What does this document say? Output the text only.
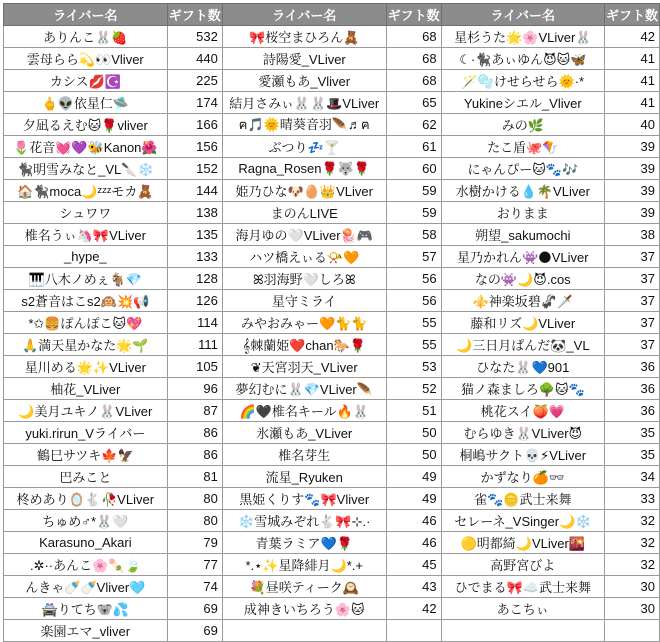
ライバー名	ギフト数	ライバー名	ギフト数	ライバー名	ギフト数
ありんこ🐰🍓	532	🎀桜空まひろん🧸	68	星杉うた🌟🌸VLiver🐰	42
雲母らら💫👀Vliver	440	詩陽愛_VLiver	68	☾·🐈‍⬛あぃゆん😈🐱🦋	41
カシス💋☪️	225	愛瀬もあ_Vliver	68	🪄🫧けせらせら🌞·*	41
🖕👽依星仁🛸	174	結月さみぃ🐰🐰🎩VLiver	65	Yukineシエル_Vliver	41
夕凪るえむ🐱🌹vliver	166	ฅ🎵🌞晴葵音羽🪶♬ฅ	62	みの🌿	40
🌷花音💓💜🐝Kanon🌺	156	ぶつり💤🍸	61	たこ盾🐙🪁	39
🐈‍⬛明雪みなと_VL🔪❄️	152	Ragna_Rosen🌹🐺🌹	60	にゃんぴー🐱🐾🎶	39
🏠🐈‍⬛moca🌙ᶻᶻᶻモカ🧸	144	姫乃ひな🐶🥚👑VLiver	59	水樹かける💧🌴VLiver	39
シュワワ	138	まのんLIVE	59	おりまま	39
椎名うぃ🦄🎀VLiver	135	海月ゆの🤍VLiver🪼🎮	58	朔望_sakumochi	38
_hype_	133	ハツ橋えぃる📯🧡	57	星乃かれん👾🌑VLiver	37
🎹八木ノめぇ🐐💎	128	ꕤ羽海野🤍しろꕤ	56	なの👾🌙😈.cos	37
s2蒼音はこs2🙉💥📢	126	星守ミライ	56	⚜️神楽坂碧🦨🗡️	37
*✩🍔ぽんぽこ🐱💖	114	みやおみゃー🧡🐈🐈	55	藤和リズ🌙VLiver	37
🙏満天星かなた🌟🌱	111	𝄞棘蘭姫❤️chan🐎🌹	55	🌙三日月ぱんだ🐼_VL	37
星川める🌟✨VLiver	105	❦天宮羽天_VLiver	53	ひなた🐰💙901	36
柚花_VLiver	96	夢幻むに🐰💎VLiver🪶	52	猫ノ森ましろ🌳🐱🐾	36
🌙美月ユキノ🐰VLiver	87	🌈🖤椎名キール🔥🐰	51	桃花スイ🍑💗	36
yuki.rirun_Vライバー	86	氷瀬もあ_VLiver	50	むらゆき🐰VLiver😈	35
鶴巳サツキ🍁🦅	86	椎名芽生	50	桐嶋サクト💀⚡VLiver	35
巴みこと	81	流星_Ryuken	49	かずなり🍊👓	34
柊めあり🪞🐇🥀VLiver	80	黒姫くりす🐾🎀Vliver	49	雀🐾🪙武士来舞	33
ちゅめ♂*🐰🤍	80	❄️雪城みぞれ🐇🎀⊹.·	46	セレーネ_VSinger🌙❄️	32
Karasuno_Akari	79	青葉ラミア💙🌹	46	🟡明都綺🌙VLiver🌇	32
.✲··あんこ🌸🍡🍃	77	*.⋆✨星降緋月🌙*.+	45	高野宮びよ	32
んきゃ🍼🍼Vliver🩵	74	💐昼咲ティーク🕰️	43	ひでまる🎀☁️武士来舞	30
🚔りてち🐨💦	69	成神きいちろう🌸🐱	42	あこちぃ	30
楽園エマ_vliver	69				
